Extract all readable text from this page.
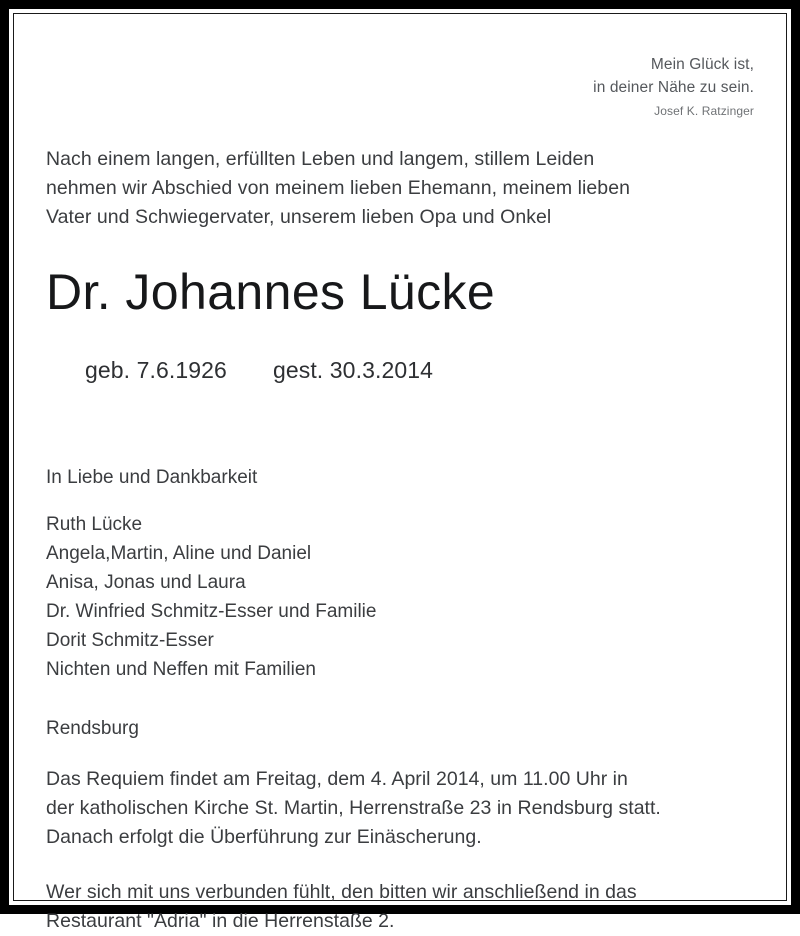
Mein Glück ist,
in deiner Nähe zu sein.
Josef K. Ratzinger

Nach einem langen, erfüllten Leben und langem, stillem Leiden
nehmen wir Abschied von meinem lieben Ehemann, meinem lieben
Vater und Schwiegervater, unserem lieben Opa und Onkel

Dr. Johannes Lücke

geb. 7.6.1926 gest. 30.3.2014

In Liebe und Dankbarkeit

Ruth Lücke
Angela,Martin, Aline und Daniel
Anisa, Jonas und Laura
Dr. Winfried Schmitz-Esser und Familie
Dorit Schmitz-Esser
Nichten und Neffen mit Familien

Rendsburg

Das Requiem findet am Freitag, dem 4. April 2014, um 11.00 Uhr in
der katholischen Kirche St. Martin, Herrenstraße 23 in Rendsburg statt.
Danach erfolgt die Überführung zur Einäscherung.

Wer sich mit uns verbunden fühlt, den bitten wir anschließend in das
Restaurant "Adria" in die Herrenstaße 2.
